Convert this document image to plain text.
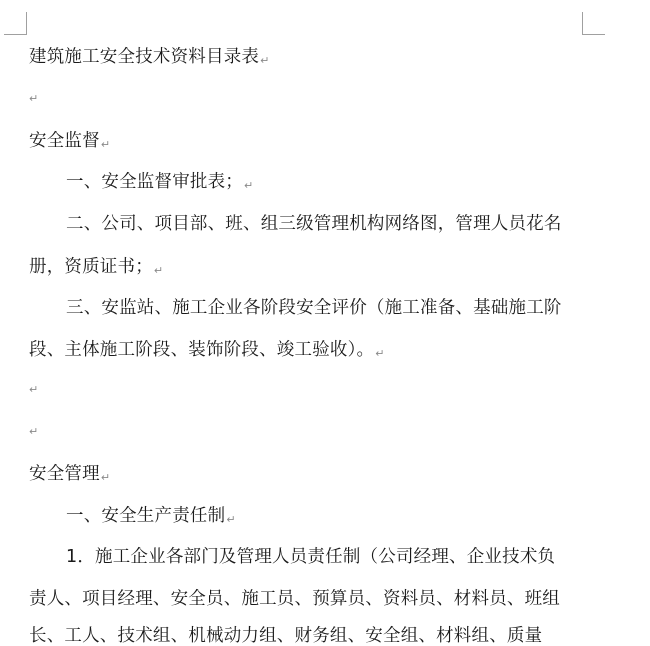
建筑施工安全技术资料目录表↵
↵
安全监督↵
一、安全监督审批表；↵
二、公司、项目部、班、组三级管理机构网络图，管理人员花名
册，资质证书；↵
三、安监站、施工企业各阶段安全评价（施工准备、基础施工阶
段、主体施工阶段、装饰阶段、竣工验收）。↵
↵
↵
安全管理↵
一、安全生产责任制↵
1．施工企业各部门及管理人员责任制（公司经理、企业技术负
责人、项目经理、安全员、施工员、预算员、资料员、材料员、班组
长、工人、技术组、机械动力组、财务组、安全组、材料组、质量
